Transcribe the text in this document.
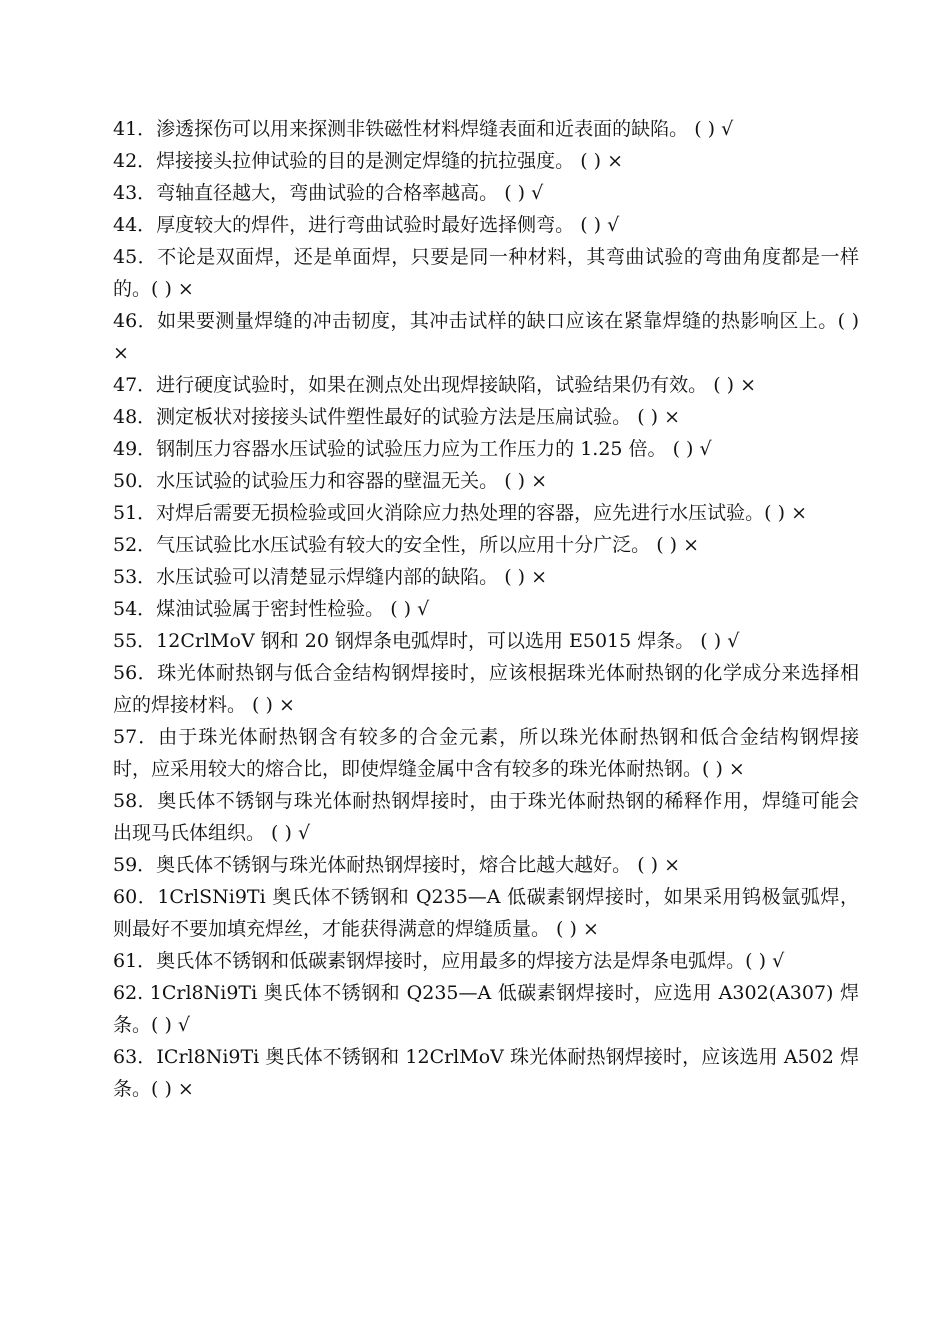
41．渗透探伤可以用来探测非铁磁性材料焊缝表面和近表面的缺陷。 ( ) √

42．焊接接头拉伸试验的目的是测定焊缝的抗拉强度。 ( ) ×

43．弯轴直径越大，弯曲试验的合格率越高。 ( ) √

44．厚度较大的焊件，进行弯曲试验时最好选择侧弯。 ( ) √

45．不论是双面焊，还是单面焊，只要是同一种材料，其弯曲试验的弯曲角度都是一样的。( ) ×

46．如果要测量焊缝的冲击韧度，其冲击试样的缺口应该在紧靠焊缝的热影响区上。( ) ×

47．进行硬度试验时，如果在测点处出现焊接缺陷，试验结果仍有效。 ( ) ×

48．测定板状对接接头试件塑性最好的试验方法是压扁试验。 ( ) ×

49．钢制压力容器水压试验的试验压力应为工作压力的 1.25 倍。 ( ) √

50．水压试验的试验压力和容器的壁温无关。 ( ) ×

51．对焊后需要无损检验或回火消除应力热处理的容器，应先进行水压试验。( ) ×

52．气压试验比水压试验有较大的安全性，所以应用十分广泛。 ( ) ×

53．水压试验可以清楚显示焊缝内部的缺陷。 ( ) ×

54．煤油试验属于密封性检验。 ( ) √

55．12CrlMoV 钢和 20 钢焊条电弧焊时，可以选用 E5015 焊条。 ( ) √

56．珠光体耐热钢与低合金结构钢焊接时，应该根据珠光体耐热钢的化学成分来选择相应的焊接材料。 ( ) ×

57．由于珠光体耐热钢含有较多的合金元素，所以珠光体耐热钢和低合金结构钢焊接时，应采用较大的熔合比，即使焊缝金属中含有较多的珠光体耐热钢。( ) ×

58．奥氏体不锈钢与珠光体耐热钢焊接时，由于珠光体耐热钢的稀释作用，焊缝可能会出现马氏体组织。 ( ) √

59．奥氏体不锈钢与珠光体耐热钢焊接时，熔合比越大越好。 ( ) ×

60．1CrlSNi9Ti 奥氏体不锈钢和 Q235—A 低碳素钢焊接时，如果采用钨极氩弧焊，则最好不要加填充焊丝，才能获得满意的焊缝质量。 ( ) ×

61．奥氏体不锈钢和低碳素钢焊接时，应用最多的焊接方法是焊条电弧焊。( ) √

62. 1Crl8Ni9Ti 奥氏体不锈钢和 Q235—A 低碳素钢焊接时，应选用 A302(A307) 焊条。( ) √

63．ICrl8Ni9Ti 奥氏体不锈钢和 12CrlMoV 珠光体耐热钢焊接时，应该选用 A502 焊条。( ) ×
